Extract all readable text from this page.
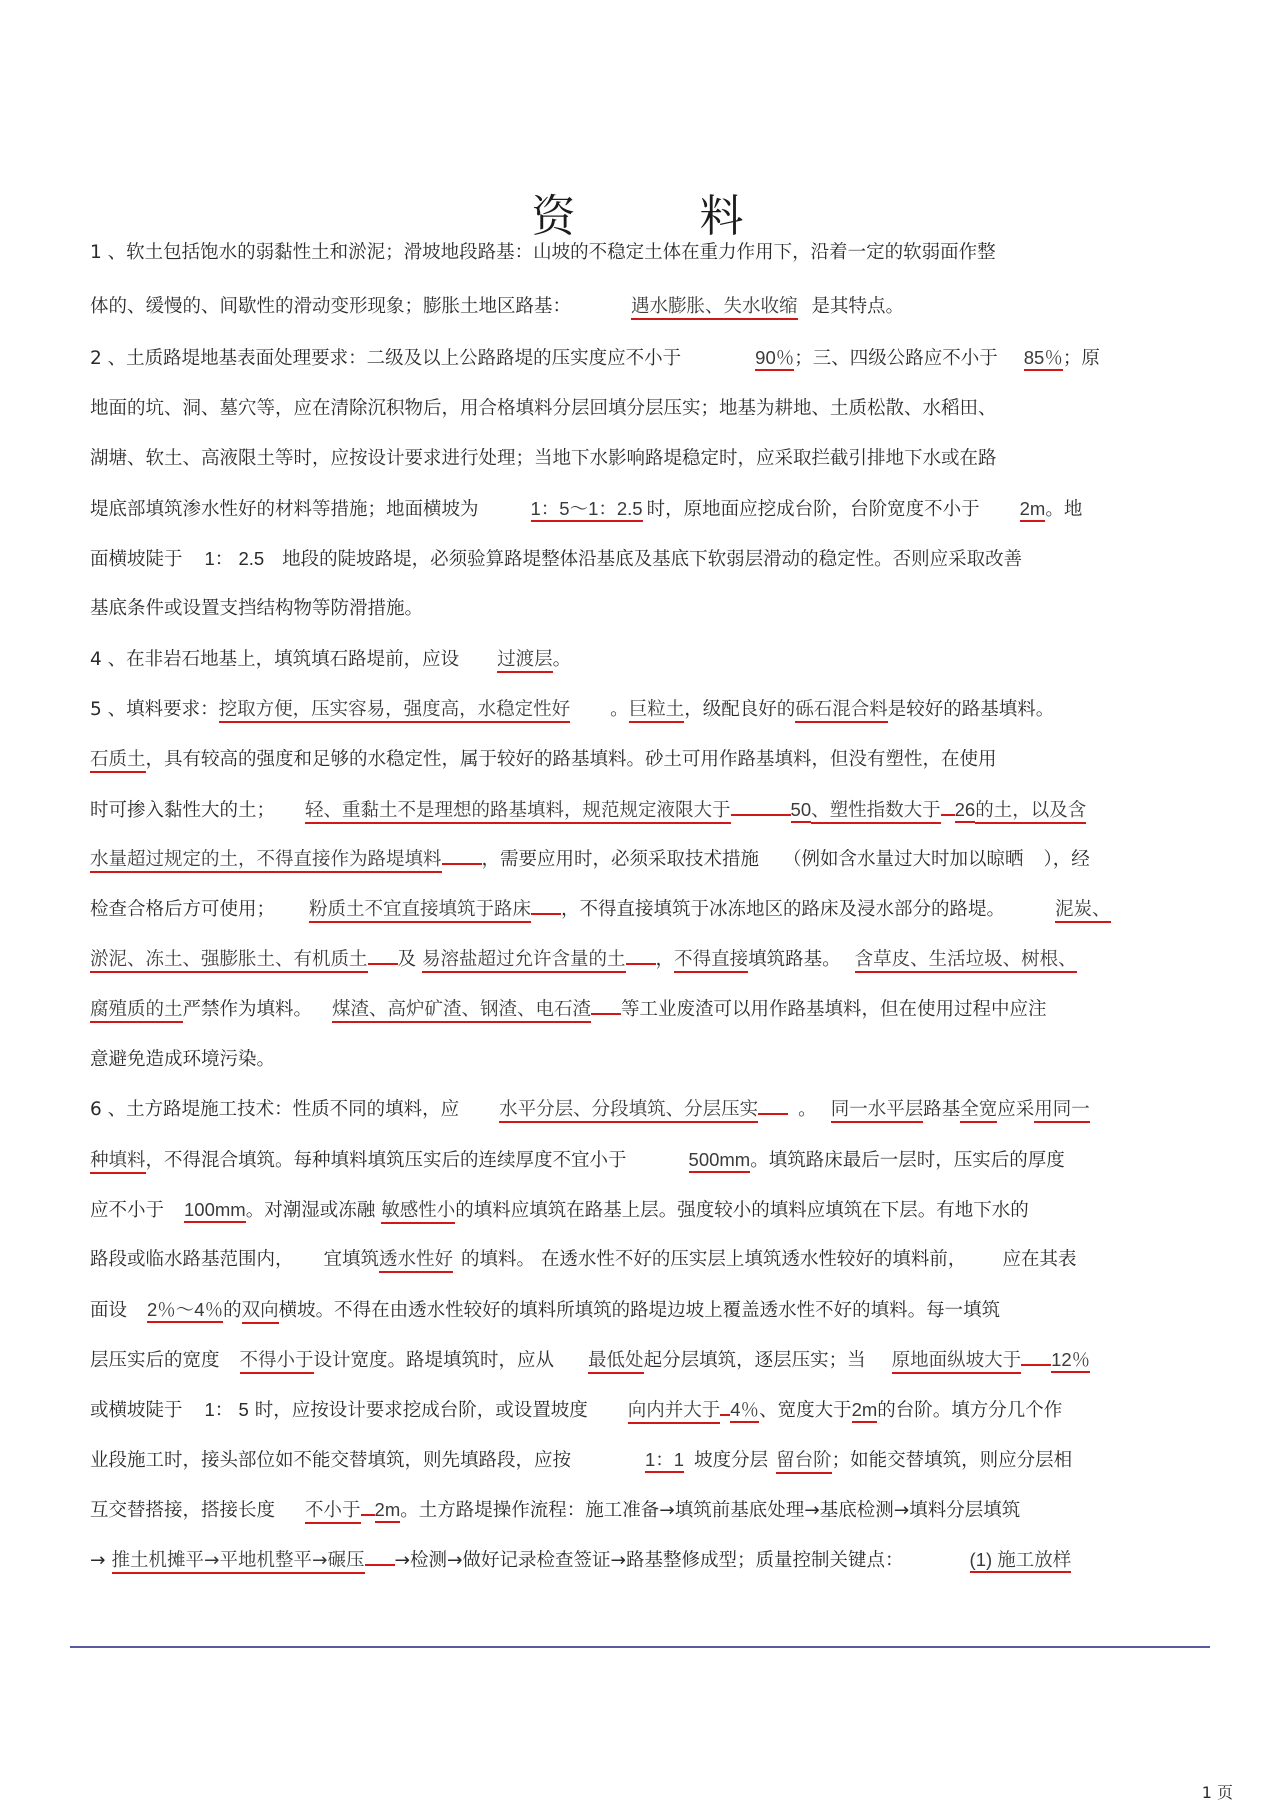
资	料
1 、软土包括饱水的弱黏性土和淤泥；滑坡地段路基：山坡的不稳定土体在重力作用下，沿着一定的软弱面作整
体的、缓慢的、间歇性的滑动变形现象；膨胀土地区路基：	遇水膨胀、失水收缩 是其特点。
2 、土质路堤地基表面处理要求：二级及以上公路路堤的压实度应不小于	90％；三、四级公路应不小于 85％；原
地面的坑、洞、墓穴等，应在清除沉积物后，用合格填料分层回填分层压实；地基为耕地、土质松散、水稻田、
湖塘、软土、高液限土等时，应按设计要求进行处理；当地下水影响路堤稳定时，应采取拦截引排地下水或在路
堤底部填筑渗水性好的材料等措施；地面横坡为	1：5～1：2.5 时，原地面应挖成台阶，台阶宽度不小于 2m。地
面横坡陡于 1： 2.5 地段的陡坡路堤，必须验算路堤整体沿基底及基底下软弱层滑动的稳定性。否则应采取改善
基底条件或设置支挡结构物等防滑措施。
4 、在非岩石地基上，填筑填石路堤前，应设 过渡层。
5 、填料要求：挖取方便，压实容易，强度高，水稳定性好 。巨粒土，级配良好的砾石混合料是较好的路基填料。
石质土，具有较高的强度和足够的水稳定性，属于较好的路基填料。砂土可用作路基填料，但没有塑性，在使用
时可掺入黏性大的土； 轻、重黏土不是理想的路基填料，规范规定液限大于	50、塑性指数大于 26的土，以及含
水量超过规定的土，不得直接作为路堤填料 ，需要应用时，必须采取技术措施 （例如含水量过大时加以晾晒 ），经
检查合格后方可使用； 粉质土不宜直接填筑于路床 ，不得直接填筑于冰冻地区的路床及浸水部分的路堤。	泥炭、
淤泥、冻土、强膨胀土、有机质土 及 易溶盐超过允许含量的土 ，不得直接填筑路基。 含草皮、生活垃圾、树根、
腐殖质的土严禁作为填料。 煤渣、高炉矿渣、钢渣、电石渣 等工业废渣可以用作路基填料，但在使用过程中应注
意避免造成环境污染。
6 、土方路堤施工技术：性质不同的填料，应 水平分层、分段填筑、分层压实 。 同一水平层路基全宽应采用同一
种填料，不得混合填筑。每种填料填筑压实后的连续厚度不宜小于	500mm。填筑路床最后一层时，压实后的厚度
应不小于 100mm。对潮湿或冻融 敏感性小的填料应填筑在路基上层。强度较小的填料应填筑在下层。有地下水的
路段或临水路基范围内， 宜填筑透水性好 的填料。 在透水性不好的压实层上填筑透水性较好的填料前， 应在其表
面设 2％～4％的双向横坡。不得在由透水性较好的填料所填筑的路堤边坡上覆盖透水性不好的填料。每一填筑
层压实后的宽度 不得小于设计宽度。路堤填筑时，应从 最低处起分层填筑，逐层压实；当 原地面纵坡大于 12％
或横坡陡于 1： 5 时，应按设计要求挖成台阶，或设置坡度 向内并大于 4％、宽度大于2m的台阶。填方分几个作
业段施工时，接头部位如不能交替填筑，则先填路段，应按	1：1 坡度分层 留台阶；如能交替填筑，则应分层相
互交替搭接，搭接长度 不小于 2m。土方路堤操作流程：施工准备→填筑前基底处理→基底检测→填料分层填筑
→ 推土机摊平→平地机整平→碾压 →检测→做好记录检查签证→路基整修成型；质量控制关键点：	(1) 施工放样
1 页
